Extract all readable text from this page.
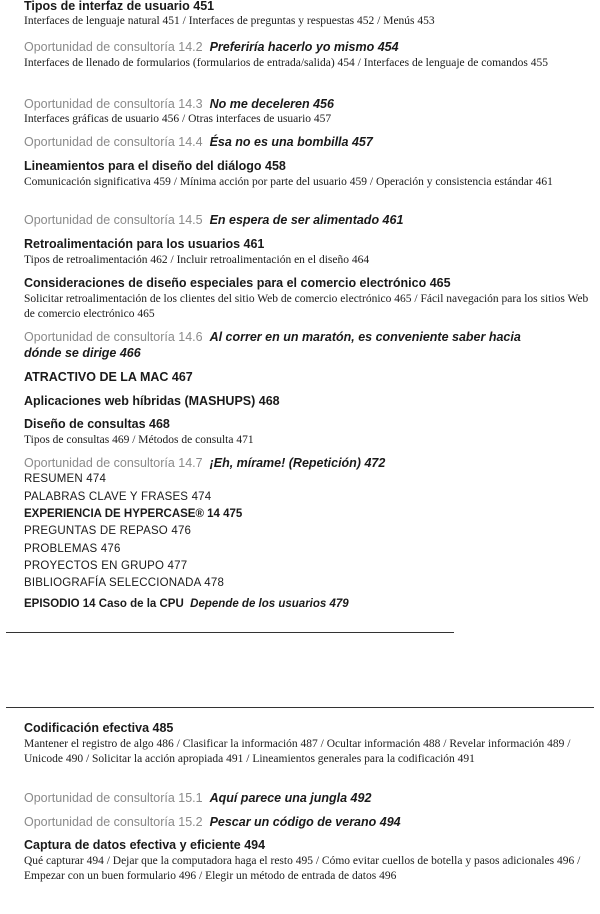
Tipos de interfaz de usuario 451
Interfaces de lenguaje natural 451 / Interfaces de preguntas y respuestas 452 / Menús 453
Oportunidad de consultoría 14.2 Preferiría hacerlo yo mismo 454
Interfaces de llenado de formularios (formularios de entrada/salida) 454 / Interfaces de lenguaje de comandos 455
Oportunidad de consultoría 14.3 No me deceleren 456
Interfaces gráficas de usuario 456 / Otras interfaces de usuario 457
Oportunidad de consultoría 14.4 Ésa no es una bombilla 457
Lineamientos para el diseño del diálogo 458
Comunicación significativa 459 / Mínima acción por parte del usuario 459 / Operación y consistencia estándar 461
Oportunidad de consultoría 14.5 En espera de ser alimentado 461
Retroalimentación para los usuarios 461
Tipos de retroalimentación 462 / Incluir retroalimentación en el diseño 464
Consideraciones de diseño especiales para el comercio electrónico 465
Solicitar retroalimentación de los clientes del sitio Web de comercio electrónico 465 / Fácil navegación para los sitios Web de comercio electrónico 465
Oportunidad de consultoría 14.6 Al correr en un maratón, es conveniente saber hacia
dónde se dirige 466
ATRACTIVO DE LA MAC 467
Aplicaciones web híbridas (MASHUPS) 468
Diseño de consultas 468
Tipos de consultas 469 / Métodos de consulta 471
Oportunidad de consultoría 14.7 ¡Eh, mírame! (Repetición) 472
RESUMEN 474
PALABRAS CLAVE Y FRASES 474
EXPERIENCIA DE HYPERCASE® 14 475
PREGUNTAS DE REPASO 476
PROBLEMAS 476
PROYECTOS EN GRUPO 477
BIBLIOGRAFÍA SELECCIONADA 478
EPISODIO 14 Caso de la CPU Depende de los usuarios 479

Codificación efectiva 485
Mantener el registro de algo 486 / Clasificar la información 487 / Ocultar información 488 / Revelar información 489 / Unicode 490 / Solicitar la acción apropiada 491 / Lineamientos generales para la codificación 491
Oportunidad de consultoría 15.1 Aquí parece una jungla 492
Oportunidad de consultoría 15.2 Pescar un código de verano 494
Captura de datos efectiva y eficiente 494
Qué capturar 494 / Dejar que la computadora haga el resto 495 / Cómo evitar cuellos de botella y pasos adicionales 496 / Empezar con un buen formulario 496 / Elegir un método de entrada de datos 496
